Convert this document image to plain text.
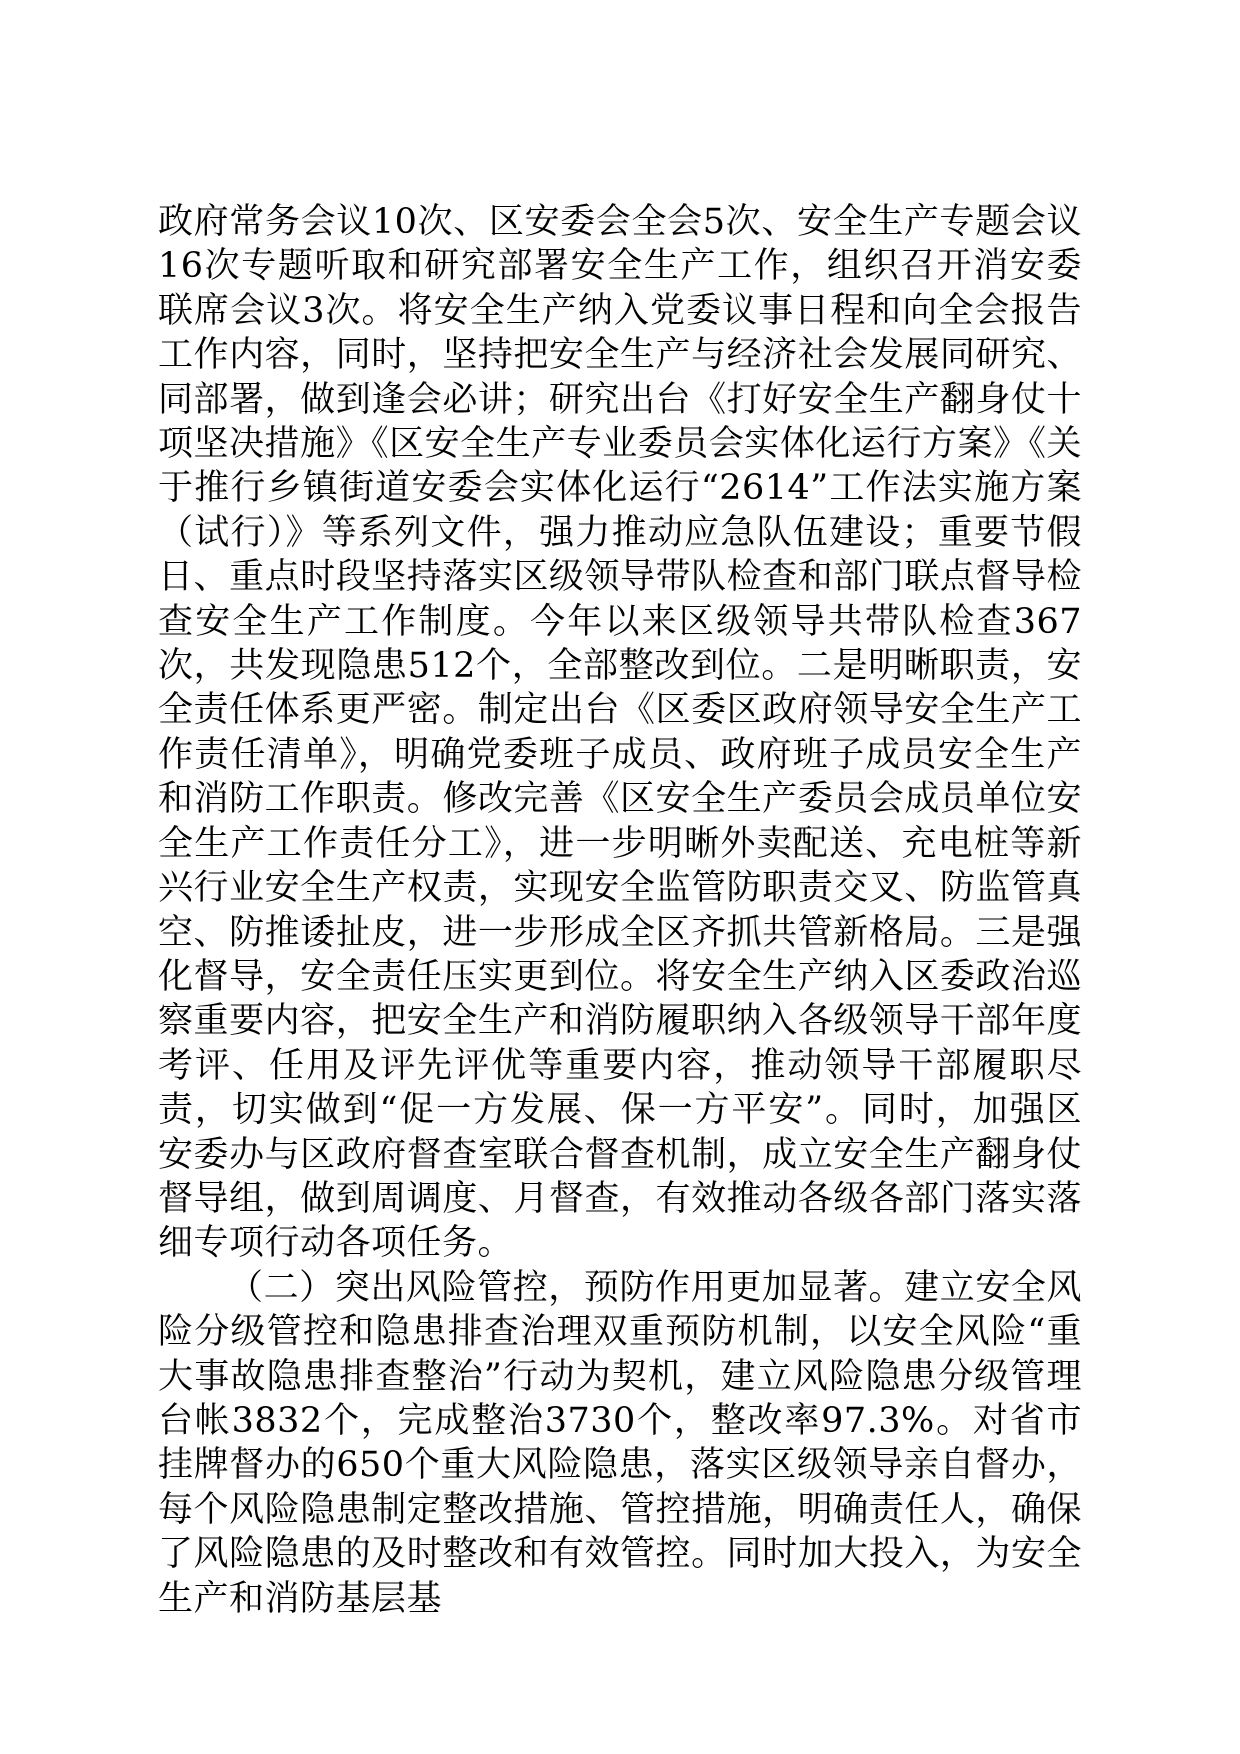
政府常务会议10次、区安委会全会5次、安全生产专题会议16次专题听取和研究部署安全生产工作，组织召开消安委联席会议3次。将安全生产纳入党委议事日程和向全会报告工作内容，同时，坚持把安全生产与经济社会发展同研究、同部署，做到逢会必讲；研究出台《打好安全生产翻身仗十项坚决措施》《区安全生产专业委员会实体化运行方案》《关于推行乡镇街道安委会实体化运行“2614”工作法实施方案（试行）》等系列文件，强力推动应急队伍建设；重要节假日、重点时段坚持落实区级领导带队检查和部门联点督导检查安全生产工作制度。今年以来区级领导共带队检查367次，共发现隐患512个，全部整改到位。二是明晰职责，安全责任体系更严密。制定出台《区委区政府领导安全生产工作责任清单》，明确党委班子成员、政府班子成员安全生产和消防工作职责。修改完善《区安全生产委员会成员单位安全生产工作责任分工》，进一步明晰外卖配送、充电桩等新兴行业安全生产权责，实现安全监管防职责交叉、防监管真空、防推诿扯皮，进一步形成全区齐抓共管新格局。三是强化督导，安全责任压实更到位。将安全生产纳入区委政治巡察重要内容，把安全生产和消防履职纳入各级领导干部年度考评、任用及评先评优等重要内容，推动领导干部履职尽责，切实做到“促一方发展、保一方平安”。同时，加强区安委办与区政府督查室联合督查机制，成立安全生产翻身仗督导组，做到周调度、月督查，有效推动各级各部门落实落细专项行动各项任务。

（二）突出风险管控，预防作用更加显著。建立安全风险分级管控和隐患排查治理双重预防机制，以安全风险“重大事故隐患排查整治”行动为契机，建立风险隐患分级管理台帐3832个，完成整治3730个，整改率97.3%。对省市挂牌督办的650个重大风险隐患，落实区级领导亲自督办，每个风险隐患制定整改措施、管控措施，明确责任人，确保了风险隐患的及时整改和有效管控。同时加大投入，为安全生产和消防基层基
